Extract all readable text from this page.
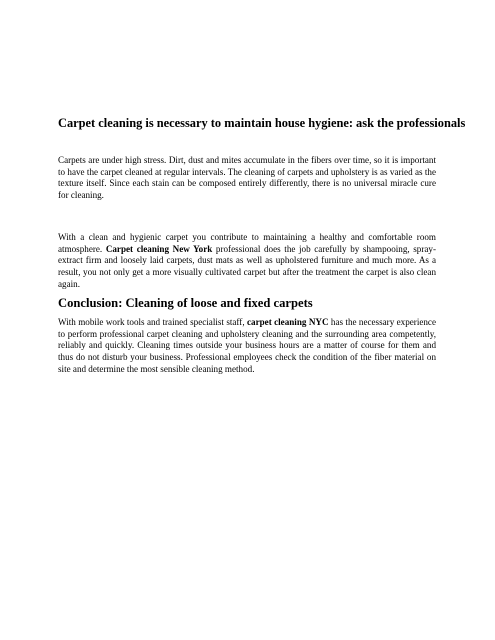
Carpet cleaning is necessary to maintain house hygiene: ask the professionals

Carpets are under high stress. Dirt, dust and mites accumulate in the fibers over time, so it is important to have the carpet cleaned at regular intervals. The cleaning of carpets and upholstery is as varied as the texture itself. Since each stain can be composed entirely differently, there is no universal miracle cure for cleaning.

With a clean and hygienic carpet you contribute to maintaining a healthy and comfortable room atmosphere. Carpet cleaning New York professional does the job carefully by shampooing, spray-extract firm and loosely laid carpets, dust mats as well as upholstered furniture and much more. As a result, you not only get a more visually cultivated carpet but after the treatment the carpet is also clean again.

Conclusion: Cleaning of loose and fixed carpets

With mobile work tools and trained specialist staff, carpet cleaning NYC has the necessary experience to perform professional carpet cleaning and upholstery cleaning and the surrounding area competently, reliably and quickly. Cleaning times outside your business hours are a matter of course for them and thus do not disturb your business. Professional employees check the condition of the fiber material on site and determine the most sensible cleaning method.
